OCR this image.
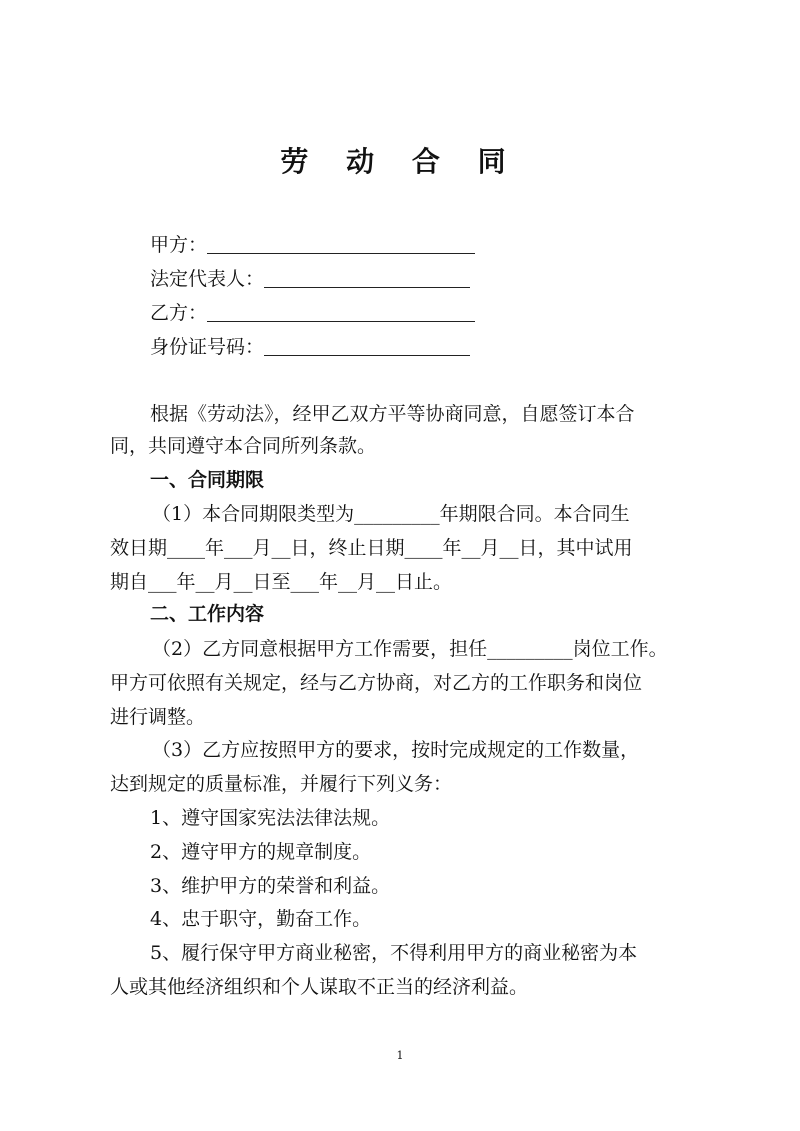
劳 动 合 同
甲方：
法定代表人：
乙方：
身份证号码：
根据《劳动法》，经甲乙双方平等协商同意，自愿签订本合
同，共同遵守本合同所列条款。
一、合同期限
（1）本合同期限类型为_________年期限合同。本合同生
效日期____年___月__日，终止日期____年__月__日，其中试用
期自___年__月__日至___年__月__日止。
二、工作内容
（2）乙方同意根据甲方工作需要，担任_________岗位工作。
甲方可依照有关规定，经与乙方协商，对乙方的工作职务和岗位
进行调整。
（3）乙方应按照甲方的要求，按时完成规定的工作数量，
达到规定的质量标准，并履行下列义务：
1、遵守国家宪法法律法规。
2、遵守甲方的规章制度。
3、维护甲方的荣誉和利益。
4、忠于职守，勤奋工作。
5、履行保守甲方商业秘密，不得利用甲方的商业秘密为本
人或其他经济组织和个人谋取不正当的经济利益。
1
